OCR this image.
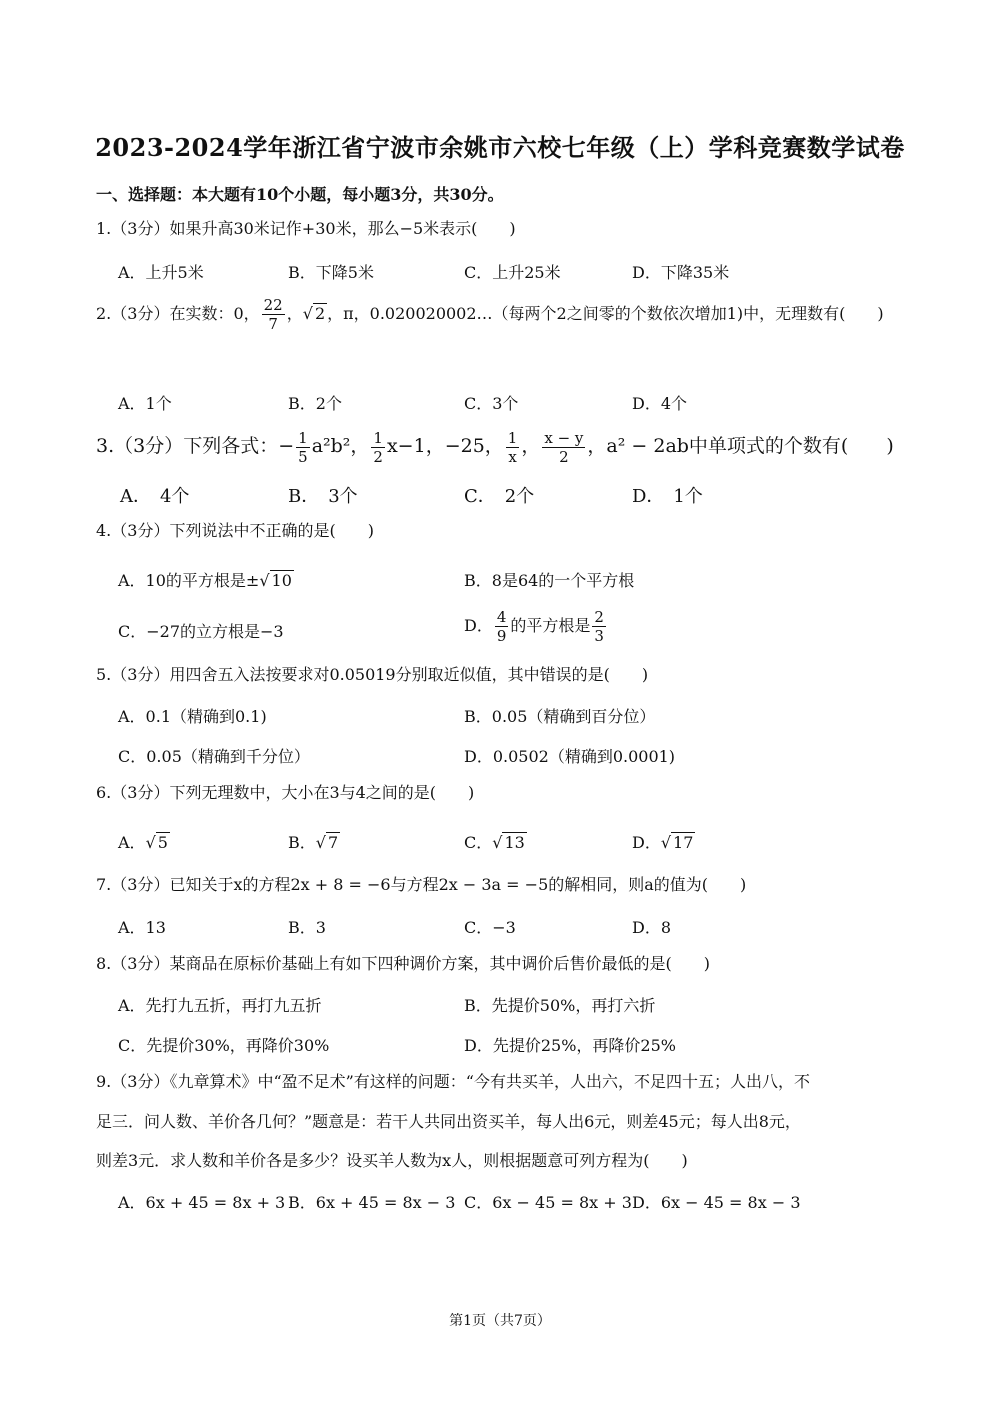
2023-2024学年浙江省宁波市余姚市六校七年级（上）学科竞赛数学试卷
一、选择题：本大题有10个小题，每小题3分，共30分。
1.（3分）如果升高30米记作+30米，那么−5米表示(　　)
A．上升5米	B．下降5米	C．上升25米	D．下降35米
2.（3分）在实数：0， $\frac{22}{7}$ ，√ 2 ，π，0.020020002…（每两个2之间零的个数依次增加1)中，无理数有(　　)
A．1个	B．2个	C．3个	D．4个
3.（3分）下列各式：− $\frac{1}{5} a^2b^2$， $\frac{1}{2} x-1$，−25， $\frac{1}{x}$ ， $\frac{x - y}{2}$ ，a² − 2ab中单项式的个数有(　　)
A．　4个	B．　3个	C．　2个	D．　1个
4.（3分）下列说法中不正确的是(　　)
A．10的平方根是±√ 10	B．8是64的一个平方根
C．−27的立方根是−3	D． $\frac{4}{9}$ 的平方根是 $\frac{2}{3}$
5.（3分）用四舍五入法按要求对0.05019分别取近似值，其中错误的是(　　)
A．0.1（精确到0.1)	B．0.05（精确到百分位）
C．0.05（精确到千分位）	D．0.0502（精确到0.0001)
6.（3分）下列无理数中，大小在3与4之间的是(　　)
A．√ 5	B．√ 7	C．√ 13	D．√ 17
7.（3分）已知关于x的方程2x + 8 = −6与方程2x − 3a = −5的解相同，则a的值为(　　)
A．13	B．3	C．−3	D．8
8.（3分）某商品在原标价基础上有如下四种调价方案，其中调价后售价最低的是(　　)
A．先打九五折，再打九五折	B．先提价50%，再打六折
C．先提价30%，再降价30%	D．先提价25%，再降价25%
9.（3分）《九章算术》中“盈不足术”有这样的问题：“今有共买羊，人出六，不足四十五；人出八，不
足三．问人数、羊价各几何？”题意是：若干人共同出资买羊，每人出6元，则差45元；每人出8元，
则差3元．求人数和羊价各是多少？设买羊人数为x人，则根据题意可列方程为(　　)
A．6x + 45 = 8x + 3 B．6x + 45 = 8x − 3 C．6x − 45 = 8x + 3 D．6x − 45 = 8x − 3
第1页（共7页）
